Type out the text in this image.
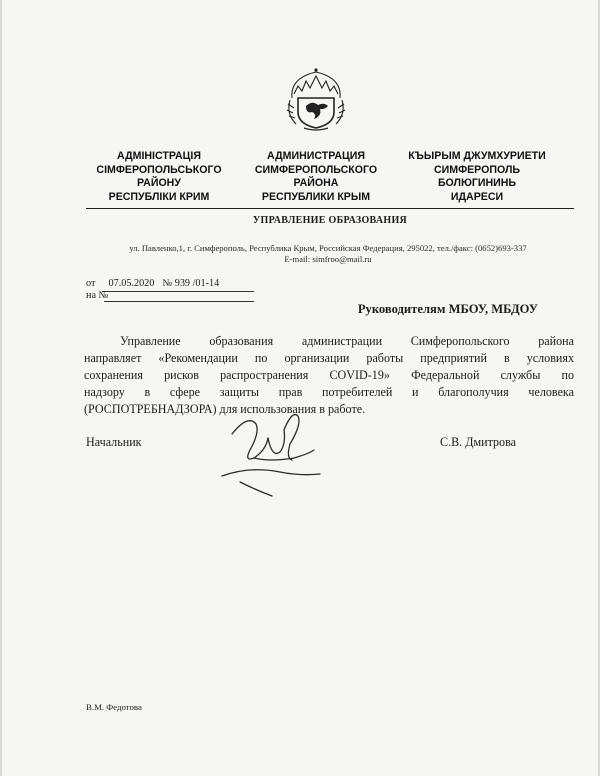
АДМІНІСТРАЦІЯ
СІМФЕРОПОЛЬСЬКОГО
РАЙОНУ
РЕСПУБЛІКИ КРИМ
АДМИНИСТРАЦИЯ
СИМФЕРОПОЛЬСКОГО
РАЙОНА
РЕСПУБЛИКИ КРЫМ
КЪЫРЫМ ДЖУМХУРИЕТИ
СИМФЕРОПОЛЬ
БОЛЮГИНИНЬ
ИДАРЕСИ
УПРАВЛЕНИЕ ОБРАЗОВАНИЯ
ул. Павленко,1, г. Симферополь, Республика Крым, Российская Федерация, 295022, тел./факс: (0652)693-337
E-mail: simfroo@mail.ru
от 07.05.2020 № 939 /01-14
на №
Руководителям МБОУ, МБДОУ
Управление образования администрации Симферопольского района
направляет «Рекомендации по организации работы предприятий в условиях
сохранения рисков распространения COVID-19» Федеральной службы по
надзору в сфере защиты прав потребителей и благополучия человека
(РОСПОТРЕБНАДЗОРА) для использования в работе.
Начальник	С.В. Дмитрова
В.М. Федотова
